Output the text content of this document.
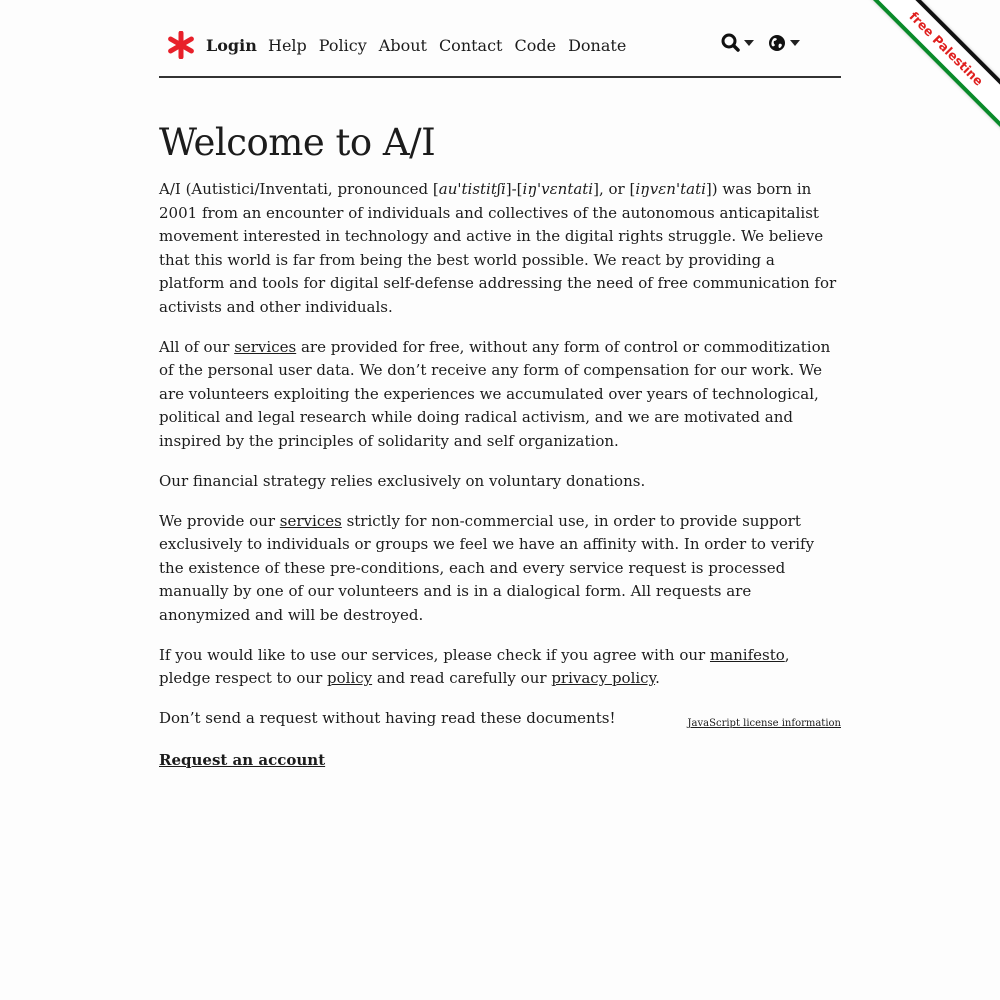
Login Help Policy About Contact Code Donate
Welcome to A/I

A/I (Autistici/Inventati, pronounced [au'tistitʃi]-[iŋ'vɛntati], or [iŋvɛn'tati]) was born in 2001 from an encounter of individuals and collectives of the autonomous anticapitalist movement interested in technology and active in the digital rights struggle. We believe that this world is far from being the best world possible. We react by providing a platform and tools for digital self-defense addressing the need of free communication for activists and other individuals.

All of our services are provided for free, without any form of control or commoditization of the personal user data. We don’t receive any form of compensation for our work. We are volunteers exploiting the experiences we accumulated over years of technological, political and legal research while doing radical activism, and we are motivated and inspired by the principles of solidarity and self organization.

Our financial strategy relies exclusively on voluntary donations.

We provide our services strictly for non-commercial use, in order to provide support exclusively to individuals or groups we feel we have an affinity with. In order to verify the existence of these pre-conditions, each and every service request is processed manually by one of our volunteers and is in a dialogical form. All requests are anonymized and will be destroyed.

If you would like to use our services, please check if you agree with our manifesto, pledge respect to our policy and read carefully our privacy policy.

Don’t send a request without having read these documents!

Request an account

JavaScript license information
free Palestine
